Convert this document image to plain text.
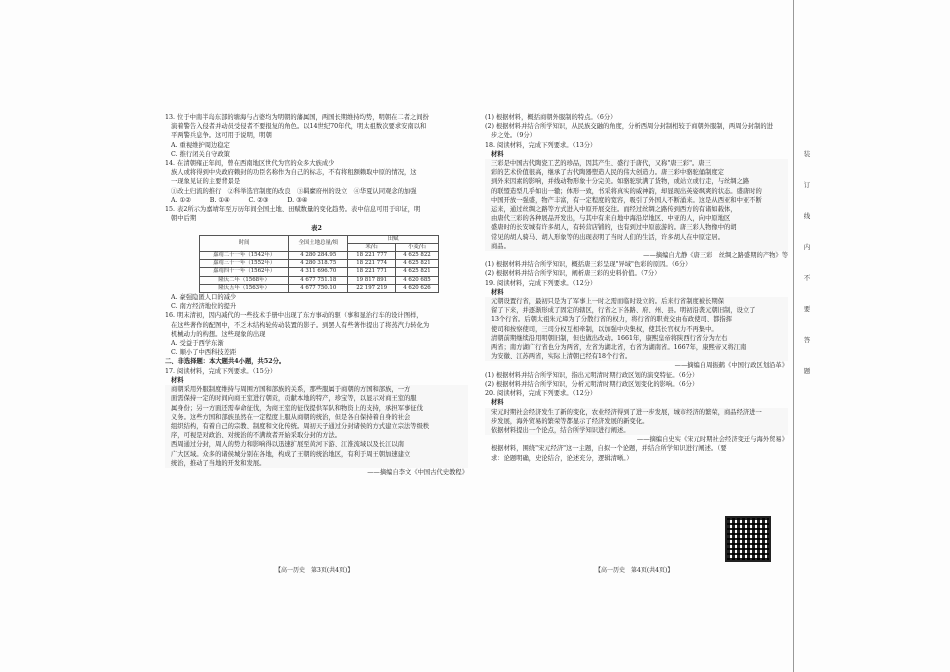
13. 位于中南半岛东部的塘海与占婆均为明朝的藩属国，两国长期维持均势，明朝在二者之间扮
演着警告入侵者并动员受侵者不要报复的角色。以14世纪70年代，明太祖数次要求安南以和
平两警兵息争。这可用于说明，明朝
A. 重视维护周边稳定
C. 推行闭关自守政策
14. 在清朝雍正年间，曾在西南地区世代为官的众多大族成少
族人或将得到中央政府赖封的功臣名称作为自己的标志，不有将租额赖取中原的情况，这
一现象见证的主要背景是
①改土归流的推行　②科举选官制度的改良　③羁縻府州的设立　④华夏认同观念的加强
A. ①②　　　B. ①④　　　C. ②③　　　D. ③④
15. 表2所示为嘉靖年至万历年间全国土地、田赋数量的变化趋势。表中信息可用于印证，明
朝中后期
表2
时间	全国土地总量/顷	田赋	
		米/石	小麦/石
嘉靖二十一年（1542年）	4 280 284.95	18 221 777	4 625 822
嘉靖三十一年（1552年）	4 280 318.75	18 221 774	4 625 821
嘉靖四十一年（1562年）	4 311 696.70	18 221 771	4 625 821
隆庆二年（1568年）	4 677 751.18	19 817 891	4 620 685
隆庆五年（1563年）	4 677 750.10	22 197 219	4 620 626
A. 豪强隐匿人口的减少
C. 南方经济地位的提升
16. 明末清初，因内减代的一些技术手册中出现了东方事动的驱（事和显治行车的设计图样，
在这些著作的配图中，不乏木结构轮传动装置的影子。到罢人有些著作提出了将蒸汽力转化为
机械动力的构想。这些现象的出现
A. 受益于西学东渐
C. 顺小了中西科技差距
二、非选择题：本大题共4小题，共52分。
17. 阅读材料，完成下列要求。（15分）
材料
商朝采用外服制度维持与周围方国和部族的关系，那些服属于商朝的方国和部族，一方
面需保持一定的时间向商王室进行朝贡，贡献本地的特产，珍宝等，以显示对商王室的服
属身份；另一方面还需奉命征伐，为商王室的征伐提供军队和物资上的支持，承担军事征伐
义务。这些方国和部族虽然在一定程度上服从商朝的统治，但是各自保持着自身的社会
组织结构，有着自己的宗教、制度和文化传统。周初天子通过分封诸侯的方式建立宗法等级秩
序，可视是对政治、对统治的不满故者开始采取分封的方法。
西周通过分封，周人的势力和影响得以迅速扩展至黄河下游、江淮流域以及长江以南
广大区域。众多的诸侯城分别在各地，构成了王朝的统治地区，有利于周王朝加速建立
统治，推动了当地的开发和发展。
——摘编自李文《中国古代史教程》
(1) 根据材料，概括商朝外服制的特点。（6分）
(2) 根据材料并结合所学知识，从民族交融的角度，分析西周分封制相较于商朝外服制，两周分封制的进
步之处。（9分）
18. 阅读材料，完成下列要求。（13分）
材料
三彩是中国古代陶瓷工艺的珍品，因其产生、盛行于唐代，又称"唐三彩"。唐三
彩的艺术价值很高，继承了古代陶器塑造人民的伟大创造力。唐三彩中骆驼俑制度定
到外来因素的影响，并线动物形象十分完美。如骆驼驮满了货物，或站立或行走，与丝绸之路
的联盟造型几乎如出一辙；体形一致，书采将真实的威神韵，却显现出英姿飒爽的状态。盛唐时的
中国开放一强盛，物产丰富，有一定程度的宽容，吸引了外国人不断涌来。这是从西亚和中亚不断
运来，通过丝绸之路等方式进入中原开展交往。而经过丝绸之路传到西方的有诸如载体，
由唐代三彩的各种展品开发出，与其中有来自地中海沿岸地区、中亚的人，向中原地区
盛唐时的长安城有许多胡人，有转营店铺的，也有到过中原旅游的。唐三彩人物像中的胡
常见的胡人骑马、胡人形象等的出现表明了当时人们的生活，许多胡人在中原定居。
商品。
——摘编自尤静《唐三彩　丝绸之路盛期的产物》等
(1) 根据材料并结合所学知识，概括唐三彩呈现"异域"色彩的原因。（6分）
(2) 根据材料并结合所学知识，阐析唐三彩的史料价值。（7分）
19. 阅读材料，完成下列要求。（12分）
材料
元朝设置行省，最初只是为了军事上一时之需而临时设立的。后来行省制度被长期保
留了下来，并逐渐形成了固定的辖区，行省之下各路、府、州、县。明初沿袭元朝旧制，设立了
13个行省。后朝太祖朱元璋为了分散行省的权力，将行省的职责交由布政使司、都指挥
使司和按察使司，三司分权互相牵制，以加强中央集权，使其长官权力不再集中。
清朝前期继续沿用明朝旧制，但也做出改动。1661年，康熙皇帝将陕西行省分为左右
两省；南方湖广行省也分为两省，左省为湖北省，右省为湖南省。1667年，康熙帝又将江南
为安徽、江苏两省，实际上清朝已经有18个行省。
——摘编自周振鹤《中国行政区划沿革》
(1) 根据材料并结合所学知识，指出元明清时期行政区划的演变特征。（6分）
(2) 根据材料并结合所学知识，分析元明清时期行政区划变化的影响。（6分）
20. 阅读材料，完成下列要求。（12分）
材料
宋元时期社会经济发生了新的变化，农业经济得到了进一步发展，城市经济的繁荣，商品经济进一
步发展，海外贸易的繁荣等都显示了经济发展的新变化。
依据材料提出一个论点，结合所学知识进行阐述。
——摘编自史实《宋元时期社会经济变迁与海外贸易》
根据材料，围绕"宋元经济"这一主题，自拟一个论题，并结合所学知识进行阐述。（要
求：论题明确，史论结合，论述充分，逻辑清晰。）
【高一历史　第3页(共4页)】	【高一历史　第4页(共4页)】
装
订
线
内
不
要
答
题
